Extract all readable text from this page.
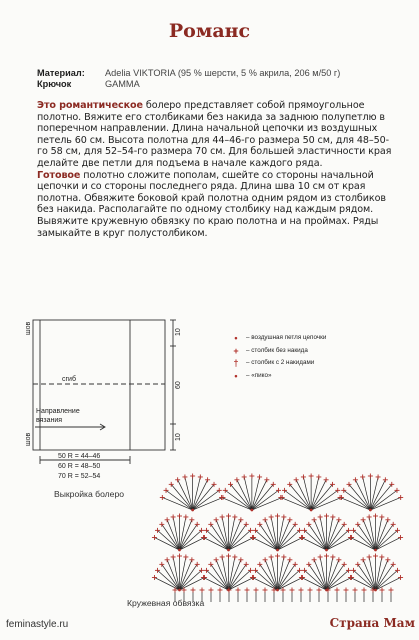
Романс
Материал:	Adelia VIKTORIA (95 % шерсти, 5 % акрила, 206 м/50 г)
Крючок	GAMMA

Это романтическое болеро представляет собой прямоугольное полотно. Вяжите его столбиками без накида за заднюю полупетлю в поперечном направлении. Длина начальной цепочки из воздушных петель 60 см. Высота полотна для 44–46-го размера 50 см, для 48–50-го 58 см, для 52–54-го размера 70 см. Для большей эластичности края делайте две петли для подъема в начале каждого ряда.

Готовое полотно сложите пополам, сшейте со стороны начальной цепочки и со стороны последнего ряда. Длина шва 10 см от края полотна. Обвяжите боковой край полотна одним рядом из столбиков без накида. Располагайте по одному столбику над каждым рядом. Вывяжите кружевную обвязку по краю полотна и на проймах. Ряды замыкайте в круг полустолбиком.

шов
шов
сгиб
Направление
вязания
10
60
10
50 R = 44–46
60 R = 48–50
70 R = 52–54
•	– воздушная петля цепочки
+	– столбик без накида
†	– столбик с 2 накидами
•	– «пико»
Выкройка болеро
Кружевная обвязка
feminastyle.ru	Страна Мам
